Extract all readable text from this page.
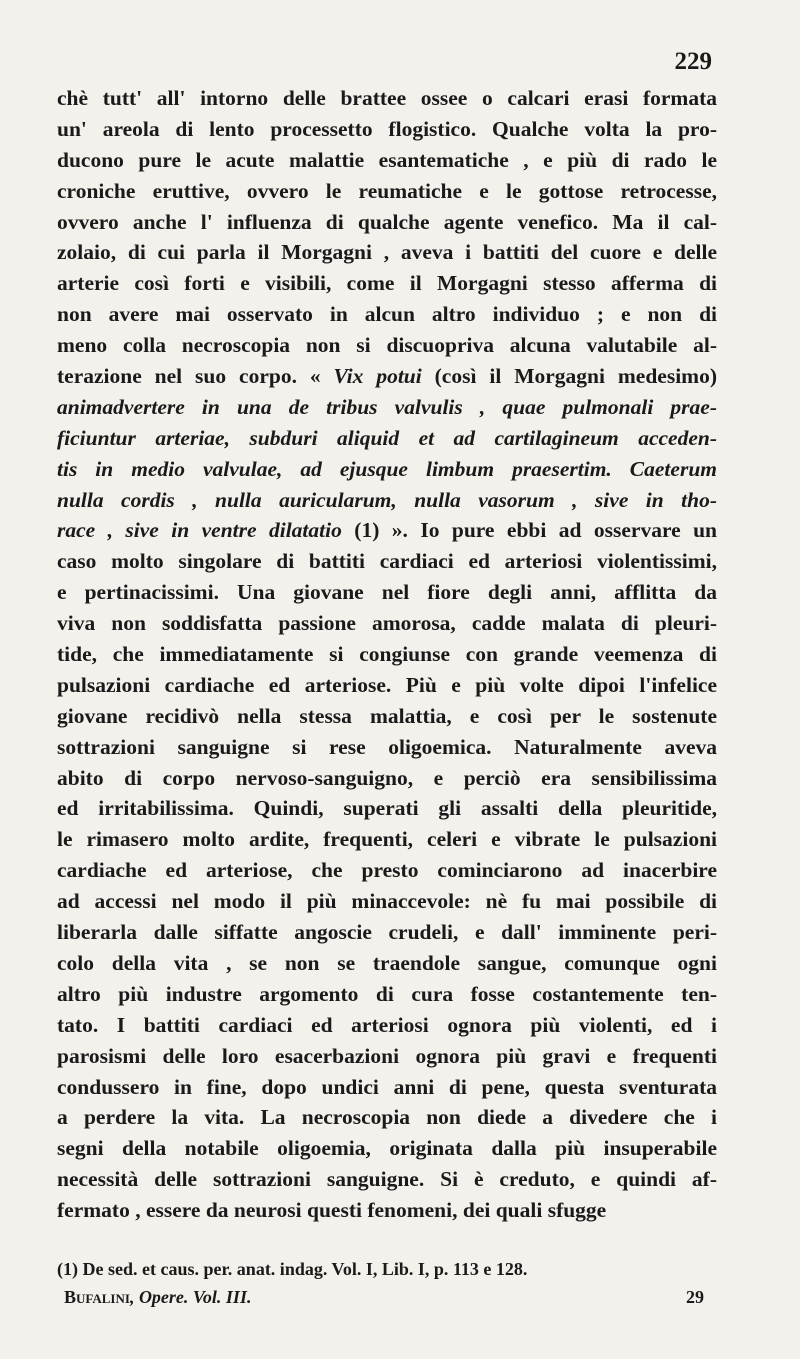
229
chè tutt' all' intorno delle brattee ossee o calcari erasi formata
un' areola di lento processetto flogistico. Qualche volta la pro-
ducono pure le acute malattie esantematiche , e più di rado le
croniche eruttive, ovvero le reumatiche e le gottose retrocesse,
ovvero anche l' influenza di qualche agente venefico. Ma il cal-
zolaio, di cui parla il Morgagni , aveva i battiti del cuore e delle
arterie così forti e visibili, come il Morgagni stesso afferma di
non avere mai osservato in alcun altro individuo ; e non di
meno colla necroscopia non si discuopriva alcuna valutabile al-
terazione nel suo corpo. « Vix potui (così il Morgagni medesimo)
animadvertere in una de tribus valvulis , quae pulmonali prae-
ficiuntur arteriae, subduri aliquid et ad cartilagineum acceden-
tis in medio valvulae, ad ejusque limbum praesertim. Caeterum
nulla cordis , nulla auricularum, nulla vasorum , sive in tho-
race , sive in ventre dilatatio (1) ». Io pure ebbi ad osservare un
caso molto singolare di battiti cardiaci ed arteriosi violentissimi,
e pertinacissimi. Una giovane nel fiore degli anni, afflitta da
viva non soddisfatta passione amorosa, cadde malata di pleuri-
tide, che immediatamente si congiunse con grande veemenza di
pulsazioni cardiache ed arteriose. Più e più volte dipoi l'infelice
giovane recidivò nella stessa malattia, e così per le sostenute
sottrazioni sanguigne si rese oligoemica. Naturalmente aveva
abito di corpo nervoso-sanguigno, e perciò era sensibilissima
ed irritabilissima. Quindi, superati gli assalti della pleuritide,
le rimasero molto ardite, frequenti, celeri e vibrate le pulsazioni
cardiache ed arteriose, che presto cominciarono ad inacerbire
ad accessi nel modo il più minaccevole: nè fu mai possibile di
liberarla dalle siffatte angoscie crudeli, e dall' imminente peri-
colo della vita , se non se traendole sangue, comunque ogni
altro più industre argomento di cura fosse costantemente ten-
tato. I battiti cardiaci ed arteriosi ognora più violenti, ed i
parosismi delle loro esacerbazioni ognora più gravi e frequenti
condussero in fine, dopo undici anni di pene, questa sventurata
a perdere la vita. La necroscopia non diede a divedere che i
segni della notabile oligoemia, originata dalla più insuperabile
necessità delle sottrazioni sanguigne. Si è creduto, e quindi af-
fermato , essere da neurosi questi fenomeni, dei quali sfugge
(1) De sed. et caus. per. anat. indag. Vol. I, Lib. I, p. 113 e 128.
Bufalini, Opere. Vol. III.	29
